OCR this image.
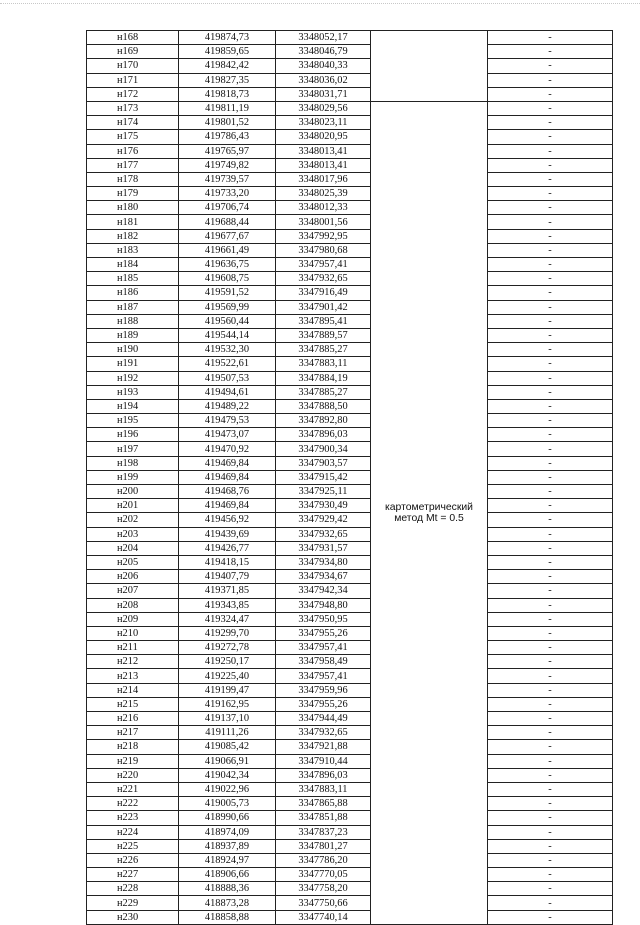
н168	419874,73	3348052,17		-
н169	419859,65	3348046,79		-
н170	419842,42	3348040,33		-
н171	419827,35	3348036,02		-
н172	419818,73	3348031,71		-
н173	419811,19	3348029,56	картометрический метод Mt = 0.5	-
н174	419801,52	3348023,11		-
н175	419786,43	3348020,95		-
н176	419765,97	3348013,41		-
н177	419749,82	3348013,41		-
н178	419739,57	3348017,96		-
н179	419733,20	3348025,39		-
н180	419706,74	3348012,33		-
н181	419688,44	3348001,56		-
н182	419677,67	3347992,95		-
н183	419661,49	3347980,68		-
н184	419636,75	3347957,41		-
н185	419608,75	3347932,65		-
н186	419591,52	3347916,49		-
н187	419569,99	3347901,42		-
н188	419560,44	3347895,41		-
н189	419544,14	3347889,57		-
н190	419532,30	3347885,27		-
н191	419522,61	3347883,11		-
н192	419507,53	3347884,19		-
н193	419494,61	3347885,27		-
н194	419489,22	3347888,50		-
н195	419479,53	3347892,80		-
н196	419473,07	3347896,03		-
н197	419470,92	3347900,34		-
н198	419469,84	3347903,57		-
н199	419469,84	3347915,42		-
н200	419468,76	3347925,11		-
н201	419469,84	3347930,49		-
н202	419456,92	3347929,42		-
н203	419439,69	3347932,65		-
н204	419426,77	3347931,57		-
н205	419418,15	3347934,80		-
н206	419407,79	3347934,67		-
н207	419371,85	3347942,34		-
н208	419343,85	3347948,80		-
н209	419324,47	3347950,95		-
н210	419299,70	3347955,26		-
н211	419272,78	3347957,41		-
н212	419250,17	3347958,49		-
н213	419225,40	3347957,41		-
н214	419199,47	3347959,96		-
н215	419162,95	3347955,26		-
н216	419137,10	3347944,49		-
н217	419111,26	3347932,65		-
н218	419085,42	3347921,88		-
н219	419066,91	3347910,44		-
н220	419042,34	3347896,03		-
н221	419022,96	3347883,11		-
н222	419005,73	3347865,88		-
н223	418990,66	3347851,88		-
н224	418974,09	3347837,23		-
н225	418937,89	3347801,27		-
н226	418924,97	3347786,20		-
н227	418906,66	3347770,05		-
н228	418888,36	3347758,20		-
н229	418873,28	3347750,66		-
н230	418858,88	3347740,14		-
